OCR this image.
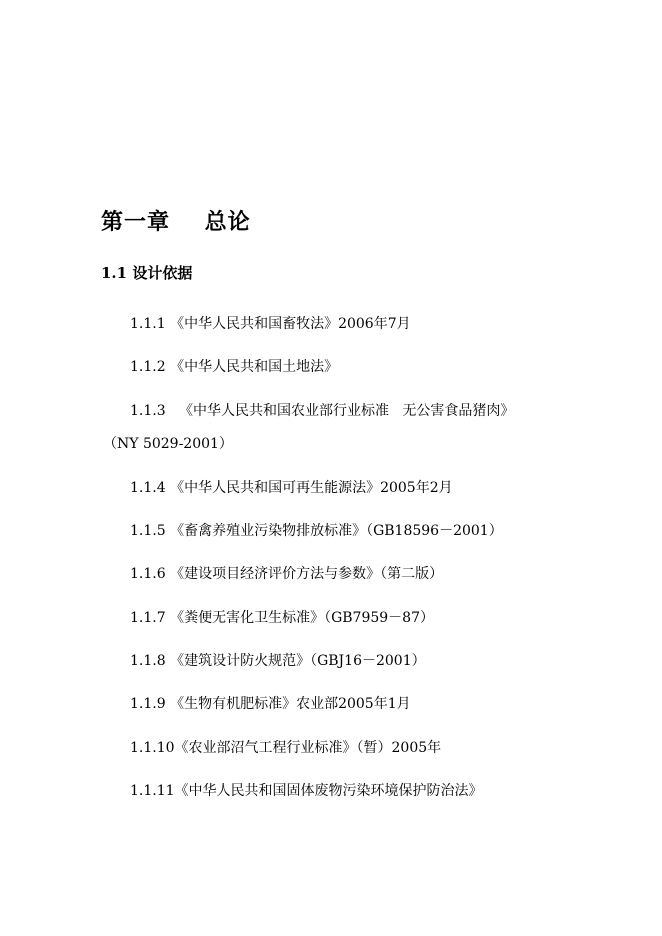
第一章    总论
1.1 设计依据
1.1.1 《中华人民共和国畜牧法》2006年7月
1.1.2 《中华人民共和国土地法》
1.1.3   《中华人民共和国农业部行业标准   无公害食品猪肉》
（NY 5029-2001）
1.1.4 《中华人民共和国可再生能源法》2005年2月
1.1.5 《畜禽养殖业污染物排放标准》（GB18596－2001）
1.1.6 《建设项目经济评价方法与参数》（第二版）
1.1.7 《粪便无害化卫生标准》（GB7959－87）
1.1.8 《建筑设计防火规范》（GBJ16－2001）
1.1.9 《生物有机肥标准》农业部2005年1月
1.1.10《农业部沼气工程行业标准》（暂）2005年
1.1.11《中华人民共和国固体废物污染环境保护防治法》
